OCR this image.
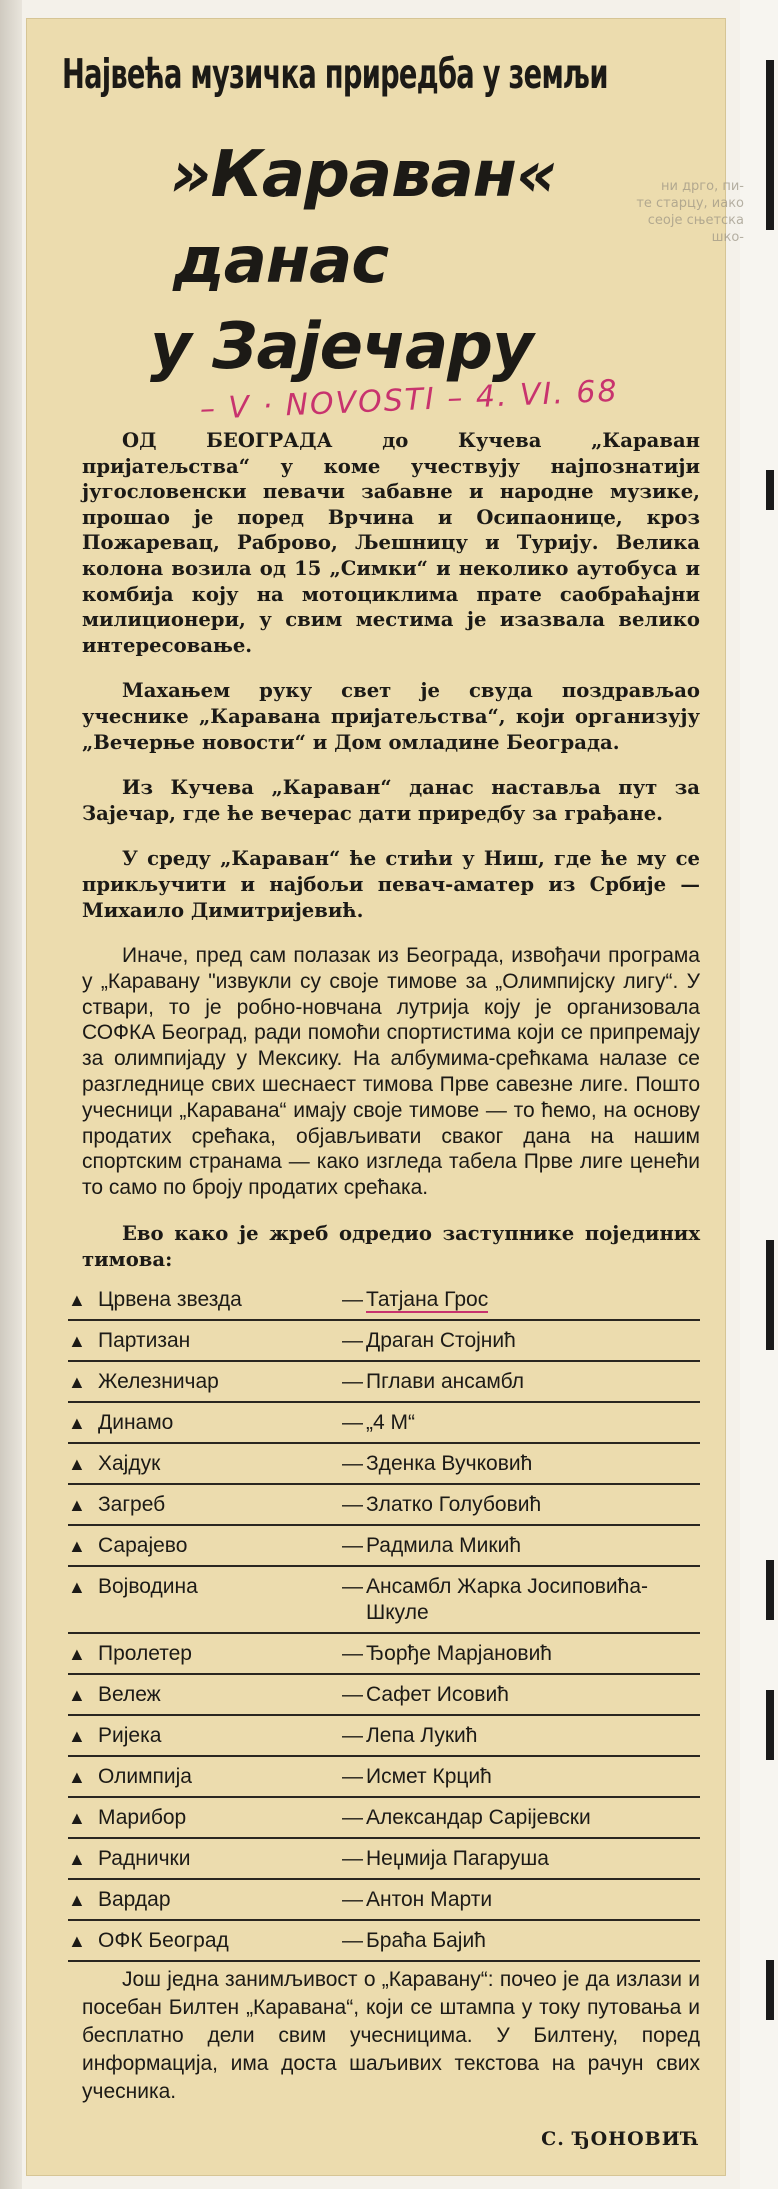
ни дрго, пи-
те старцу, иако
сеоје сњетска шко-
Највећа музичка приредба у земљи
»Караван«
данас
у Зајечару
– V · NOVOSTI – 4. VI. 68

ОД БЕОГРАДА до Кучева „Караван пријатељства“ у коме учествују најпознатији југословенски певачи забавне и народне музике, прошао је поред Врчина и Осипаонице, кроз Пожаревац, Раброво, Љешницу и Турију. Велика колона возила од 15 „Симки“ и неколико аутобуса и комбија коју на мотоциклима прате саобраћајни милиционери, у свим местима је изазвала велико интересовање.

Махањем руку свет је свуда поздрављао учеснике „Каравана пријатељства“, који организују „Вечерње новости“ и Дом омладине Београда.

Из Кучева „Караван“ данас наставља пут за Зајечар, где ће вечерас дати приредбу за грађане.

У среду „Караван“ ће стићи у Ниш, где ће му се прикључити и најбољи певач-аматер из Србије — Михаило Димитријевић.

Иначе, пред сам полазак из Београда, извођачи програма у „Каравану "извукли су своје тимове за „Олимпијску лигу“. У ствари, то је робно-новчана лутрија коју је организовала СОФКА Београд, ради помоћи спортистима који се припремају за олимпијаду у Мексику. На албумима-срећкама налазе се разгледнице свих шеснаест тимова Прве савезне лиге. Пошто учесници „Каравана“ имају своје тимове — то ћемо, на основу продатих срећака, објављивати сваког дана на нашим спортским странама — како изгледа табела Прве лиге ценећи то само по броју продатих срећака.

Ево како је жреб одредио заступнике појединих тимова:

▲ Црвена звезда	— Татјана Грос
▲ Партизан	— Драган Стојнић
▲ Железничар	— Пглави ансамбл
▲ Динамо	— „4 М“
▲ Хајдук	— Зденка Вучковић
▲ Загреб	— Златко Голубовић
▲ Сарајево	— Радмила Микић
▲ Војводина	— Ансамбл Жарка Јосиповића-Шкуле
▲ Пролетер	— Ђорђе Марјановић
▲ Вележ	— Сафет Исовић
▲ Ријека	— Лепа Лукић
▲ Олимпија	— Исмет Крцић
▲ Марибор	— Александар Сарijевски
▲ Раднички	— Неџмија Пагаруша
▲ Вардар	— Антон Марти
▲ ОФК Београд	— Браћа Бајић
Још једна занимљивост о „Каравану“: почео је да излази и посебан Билтен „Каравана“, који се штампа у току путовања и бесплатно дели свим учесницима. У Билтену, поред информација, има доста шаљивих текстова на рачун свих учесника.
С. ЂОНОВИЋ
